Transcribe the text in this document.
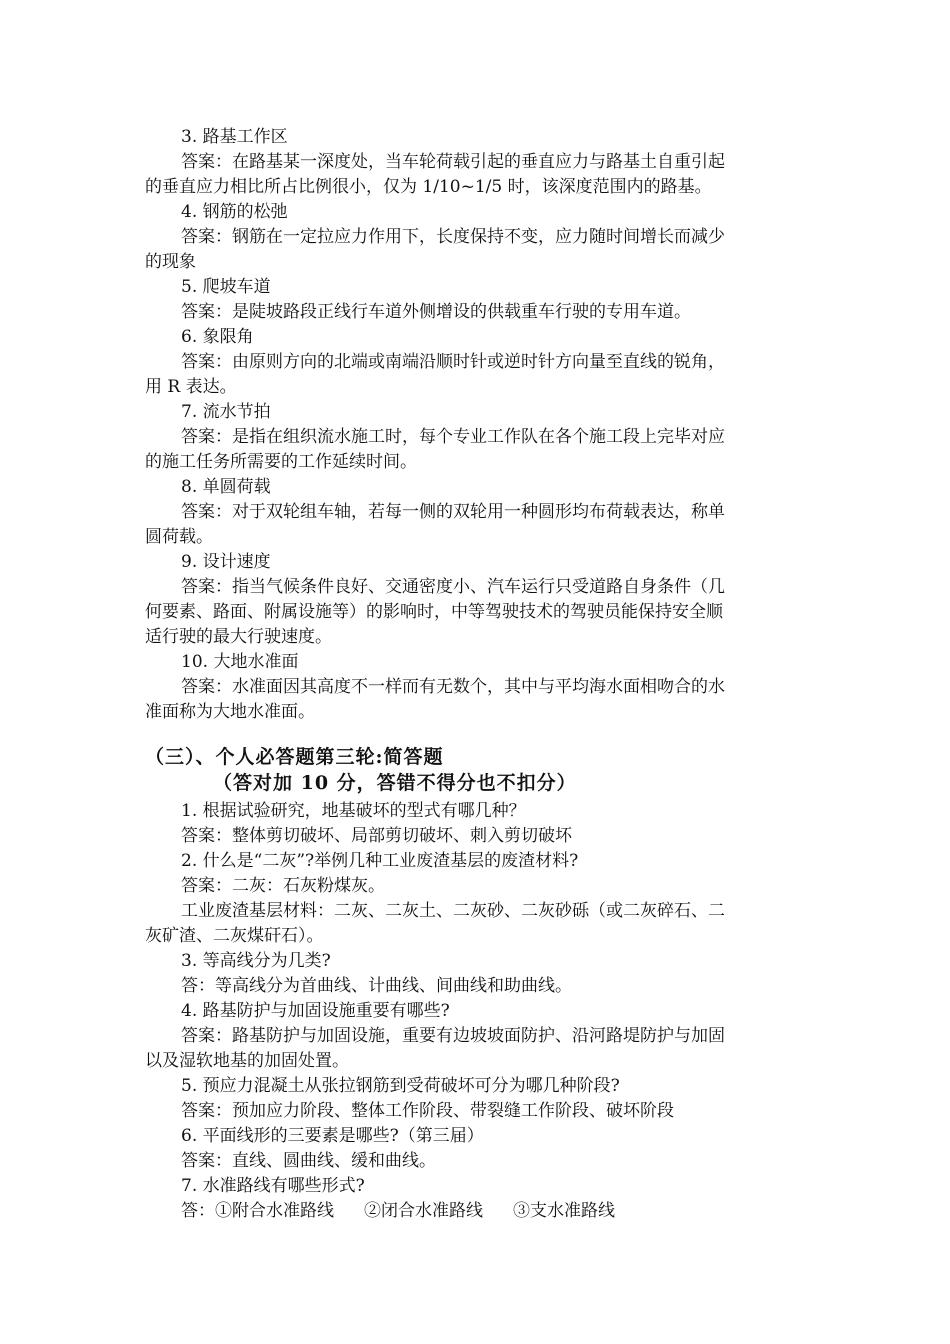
3. 路基工作区
答案：在路基某一深度处，当车轮荷载引起的垂直应力与路基土自重引起
的垂直应力相比所占比例很小，仅为 1/10~1/5 时，该深度范围内的路基。
4. 钢筋的松弛
答案：钢筋在一定拉应力作用下，长度保持不变，应力随时间增长而减少
的现象
5. 爬坡车道
答案：是陡坡路段正线行车道外侧增设的供载重车行驶的专用车道。
6. 象限角
答案：由原则方向的北端或南端沿顺时针或逆时针方向量至直线的锐角，
用 R 表达。
7. 流水节拍
答案：是指在组织流水施工时，每个专业工作队在各个施工段上完毕对应
的施工任务所需要的工作延续时间。
8. 单圆荷载
答案：对于双轮组车轴，若每一侧的双轮用一种圆形均布荷载表达，称单
圆荷载。
9. 设计速度
答案：指当气候条件良好、交通密度小、汽车运行只受道路自身条件（几
何要素、路面、附属设施等）的影响时，中等驾驶技术的驾驶员能保持安全顺
适行驶的最大行驶速度。
10. 大地水准面
答案：水准面因其高度不一样而有无数个，其中与平均海水面相吻合的水
准面称为大地水准面。
（三）、个人必答题第三轮:简答题
（答对加 10 分，答错不得分也不扣分）
1. 根据试验研究，地基破坏的型式有哪几种？
答案：整体剪切破坏、局部剪切破坏、刺入剪切破坏
2. 什么是“二灰”?举例几种工业废渣基层的废渣材料?
答案：二灰：石灰粉煤灰。
工业废渣基层材料：二灰、二灰土、二灰砂、二灰砂砾（或二灰碎石、二
灰矿渣、二灰煤矸石）。
3. 等高线分为几类?
答：等高线分为首曲线、计曲线、间曲线和助曲线。
4. 路基防护与加固设施重要有哪些?
答案：路基防护与加固设施，重要有边坡坡面防护、沿河路堤防护与加固
以及湿软地基的加固处置。
5. 预应力混凝土从张拉钢筋到受荷破坏可分为哪几种阶段?
答案：预加应力阶段、整体工作阶段、带裂缝工作阶段、破坏阶段
6. 平面线形的三要素是哪些?（第三届）
答案：直线、圆曲线、缓和曲线。
7. 水准路线有哪些形式?
答：①附合水准路线 ②闭合水准路线 ③支水准路线
